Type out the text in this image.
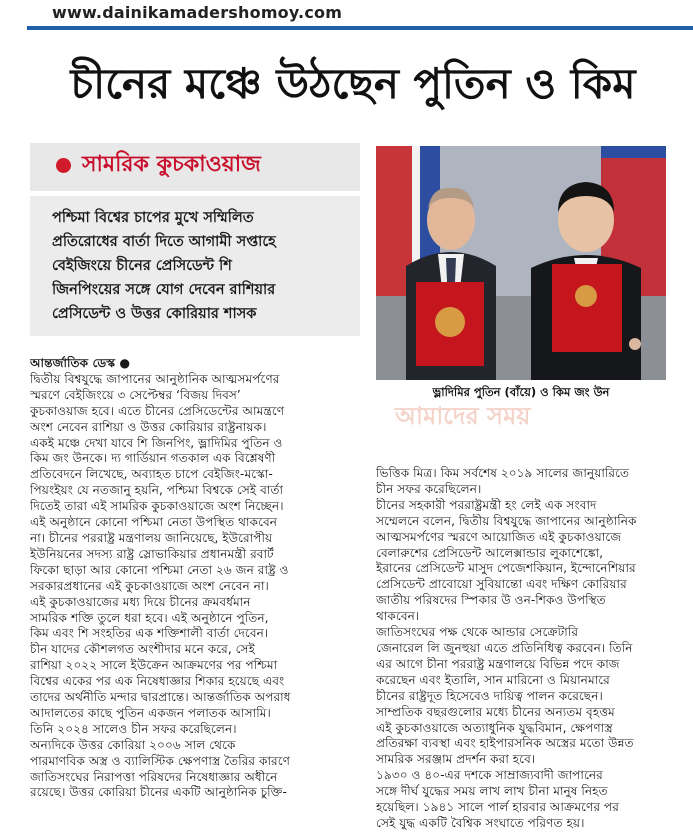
www.dainikamadershomoy.com
চীনের মঞ্চে উঠছেন পুতিন ও কিম
সামরিক কুচকাওয়াজ
পশ্চিমা বিশ্বের চাপের মুখে সম্মিলিত
প্রতিরোধের বার্তা দিতে আগামী সপ্তাহে
বেইজিংয়ে চীনের প্রেসিডেন্ট শি
জিনপিংয়ের সঙ্গে যোগ দেবেন রাশিয়ার
প্রেসিডেন্ট ও উত্তর কোরিয়ার শাসক
ভ্লাদিমির পুতিন (বাঁয়ে) ও কিম জং উন
আমাদের সময়

আন্তর্জাতিক ডেস্ক ●

দ্বিতীয় বিশ্বযুদ্ধে জাপানের আনুষ্ঠানিক আত্মসমর্পণের

স্মরণে বেইজিংয়ে ৩ সেপ্টেম্বর ‘বিজয় দিবস’

কুচকাওয়াজ হবে। এতে চীনের প্রেসিডেন্টের আমন্ত্রণে

অংশ নেবেন রাশিয়া ও উত্তর কোরিয়ার রাষ্ট্রনায়ক।

একই মঞ্চে দেখা যাবে শি জিনপিং, ভ্লাদিমির পুতিন ও

কিম জং উনকে। দ্য গার্ডিয়ান গতকাল এক বিশ্লেষণী

প্রতিবেদনে লিখেছে, অব্যাহত চাপে বেইজিং-মস্কো-

পিয়ংইয়ং যে নতজানু হয়নি, পশ্চিমা বিশ্বকে সেই বার্তা

দিতেই তারা এই সামরিক কুচকাওয়াজে অংশ নিচ্ছেন।

এই অনুষ্ঠানে কোনো পশ্চিমা নেতা উপস্থিত থাকবেন

না। চীনের পররাষ্ট্র মন্ত্রণালয় জানিয়েছে, ইউরোপীয়

ইউনিয়নের সদস্য রাষ্ট্র স্লোভাকিয়ার প্রধানমন্ত্রী রবার্ট

ফিকো ছাড়া আর কোনো পশ্চিমা নেতা ২৬ জন রাষ্ট্র ও

সরকারপ্রধানের এই কুচকাওয়াজে অংশ নেবেন না।

এই কুচকাওয়াজের মধ্য দিয়ে চীনের ক্রমবর্ধমান

সামরিক শক্তি তুলে ধরা হবে। এই অনুষ্ঠানে পুতিন,

কিম এবং শি সংহতির এক শক্তিশালী বার্তা দেবেন।

চীন যাদের কৌশলগত অংশীদার মনে করে, সেই

রাশিয়া ২০২২ সালে ইউক্রেন আক্রমণের পর পশ্চিমা

বিশ্বের একের পর এক নিষেধাজ্ঞার শিকার হয়েছে এবং

তাদের অর্থনীতি মন্দার দ্বারপ্রান্তে। আন্তর্জাতিক অপরাধ

আদালতের কাছে পুতিন একজন পলাতক আসামি।

তিনি ২০২৪ সালেও চীন সফর করেছিলেন।

অন্যদিকে উত্তর কোরিয়া ২০০৬ সাল থেকে

পারমাণবিক অস্ত্র ও ব্যালিস্টিক ক্ষেপণাস্ত্র তৈরির কারণে

জাতিসংঘের নিরাপত্তা পরিষদের নিষেধাজ্ঞার অধীনে

রয়েছে। উত্তর কোরিয়া চীনের একটি আনুষ্ঠানিক চুক্তি-

ভিত্তিক মিত্র। কিম সর্বশেষ ২০১৯ সালের জানুয়ারিতে

চীন সফর করেছিলেন।

চীনের সহকারী পররাষ্ট্রমন্ত্রী হং লেই এক সংবাদ

সম্মেলনে বলেন, দ্বিতীয় বিশ্বযুদ্ধে জাপানের আনুষ্ঠানিক

আত্মসমর্পণের স্মরণে আয়োজিত এই কুচকাওয়াজে

বেলারুশের প্রেসিডেন্ট আলেক্সান্ডার লুকাশেঙ্কো,

ইরানের প্রেসিডেন্ট মাসুদ পেজেশকিয়ান, ইন্দোনেশিয়ার

প্রেসিডেন্ট প্রাবোয়ো সুবিয়ান্তো এবং দক্ষিণ কোরিয়ার

জাতীয় পরিষদের স্পিকার উ ওন-শিকও উপস্থিত

থাকবেন।

জাতিসংঘের পক্ষ থেকে আন্ডার সেক্রেটারি

জেনারেল লি জুনহুয়া এতে প্রতিনিধিত্ব করবেন। তিনি

এর আগে চীনা পররাষ্ট্র মন্ত্রণালয়ে বিভিন্ন পদে কাজ

করেছেন এবং ইতালি, সান মারিনো ও মিয়ানমারে

চীনের রাষ্ট্রদূত হিসেবেও দায়িত্ব পালন করেছেন।

সাম্প্রতিক বছরগুলোর মধ্যে চীনের অন্যতম বৃহত্তম

এই কুচকাওয়াজে অত্যাধুনিক যুদ্ধবিমান, ক্ষেপণাস্ত্র

প্রতিরক্ষা ব্যবস্থা এবং হাইপারসনিক অস্ত্রের মতো উন্নত

সামরিক সরঞ্জাম প্রদর্শন করা হবে।

১৯৩০ ও ৪০-এর দশকে সাম্রাজ্যবাদী জাপানের

সঙ্গে দীর্ঘ যুদ্ধের সময় লাখ লাখ চীনা মানুষ নিহত

হয়েছিল। ১৯৪১ সালে পার্ল হারবার আক্রমণের পর

সেই যুদ্ধ একটি বৈশ্বিক সংঘাতে পরিণত হয়।
